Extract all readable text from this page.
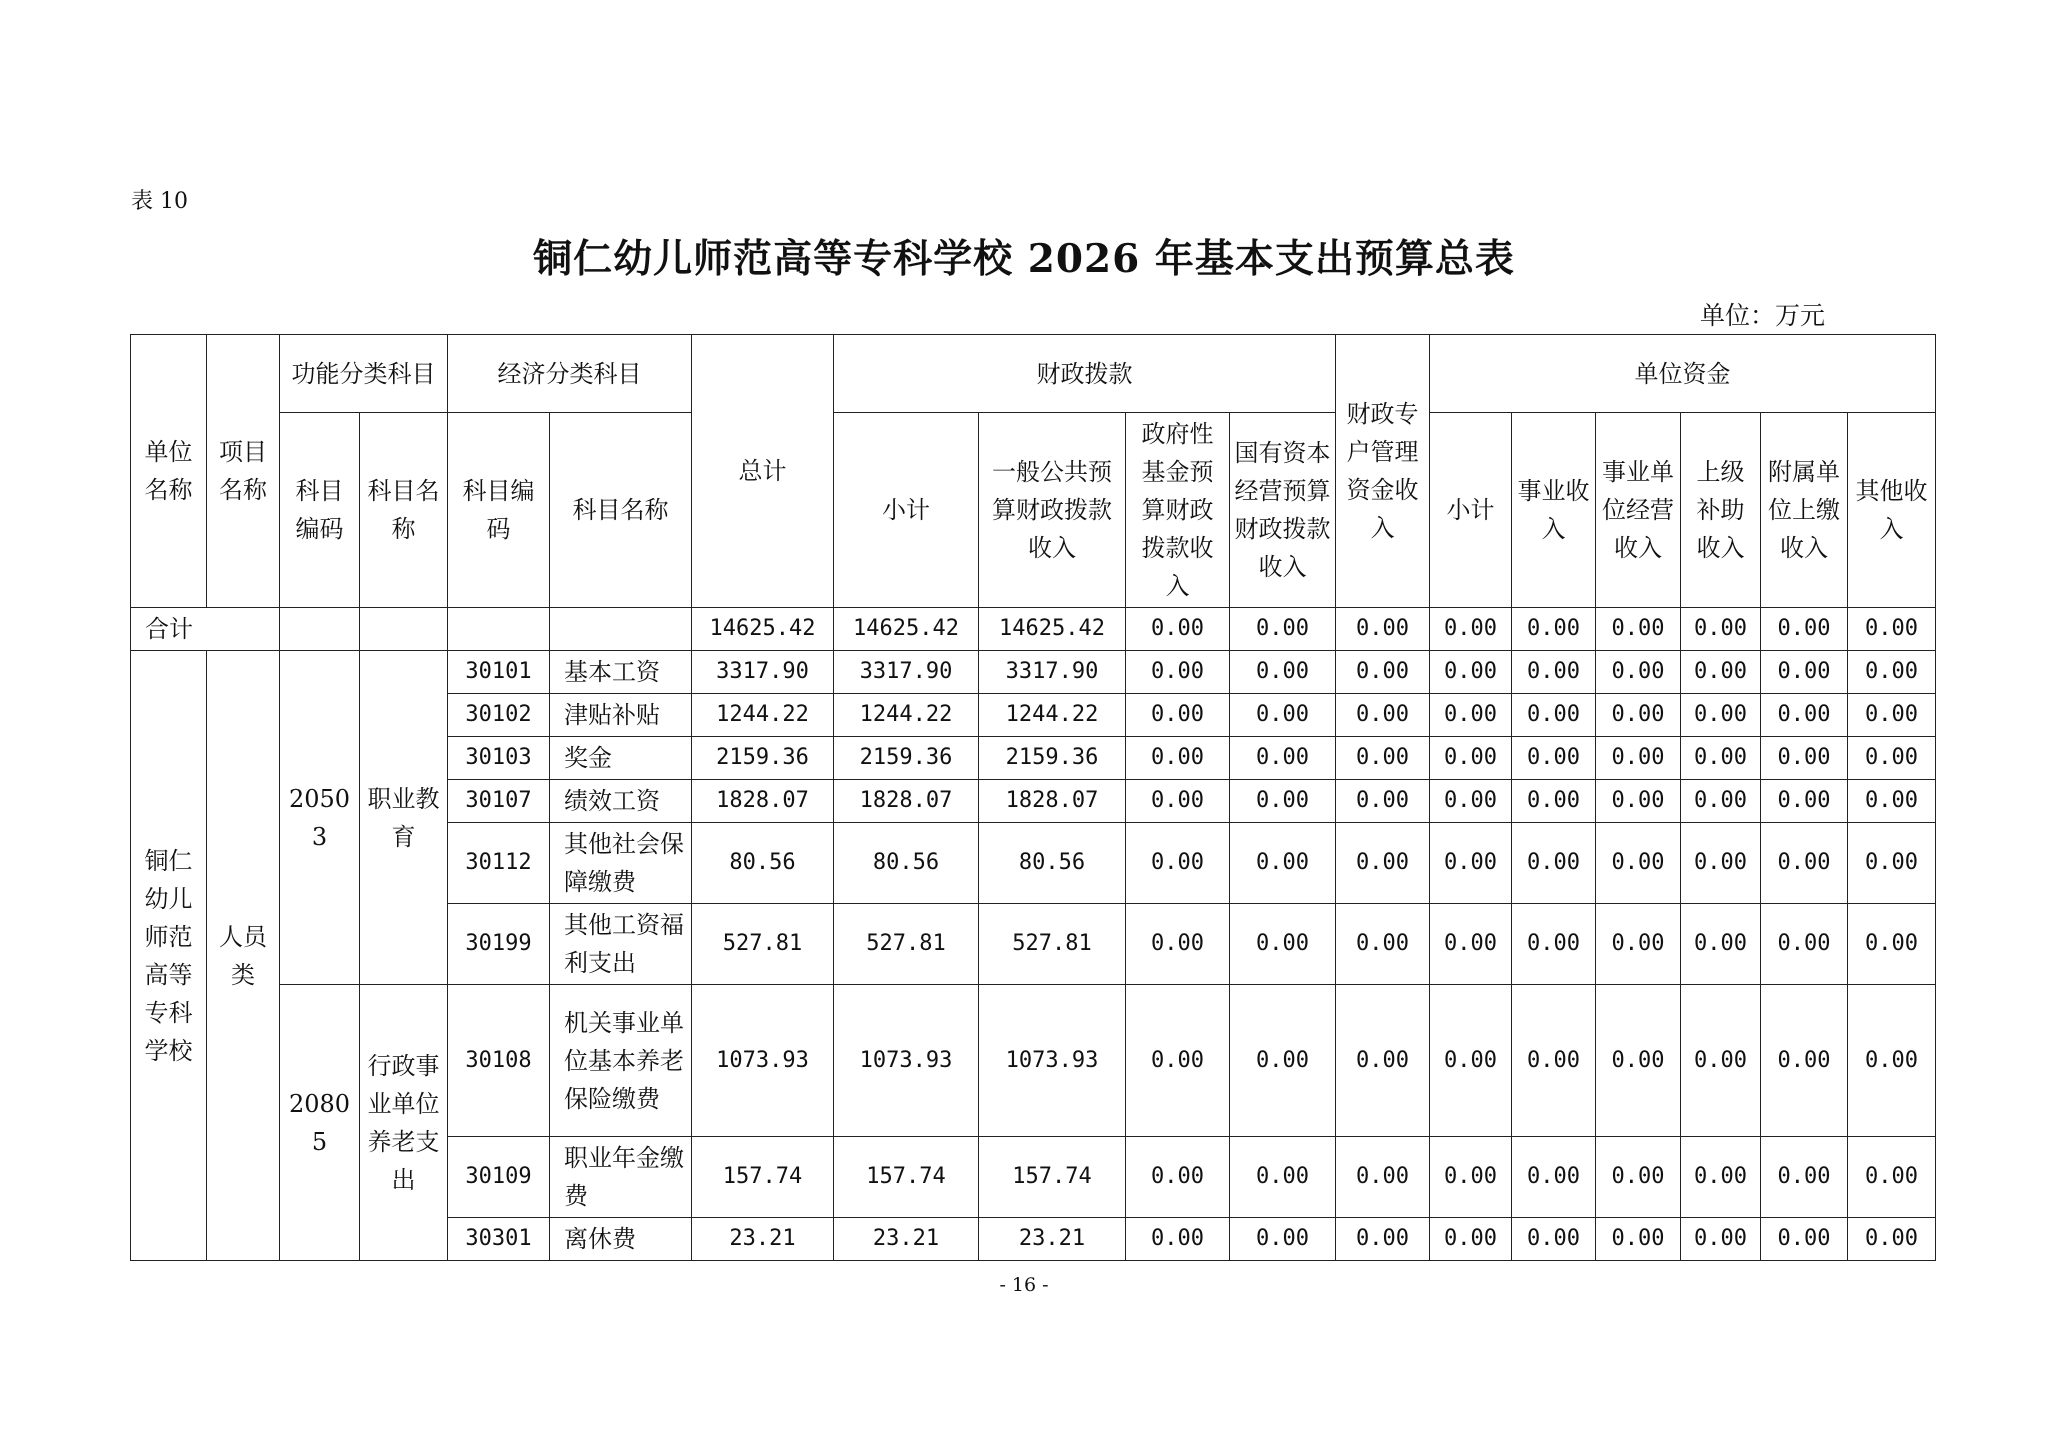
表 10
铜仁幼儿师范高等专科学校 2026 年基本支出预算总表
单位：万元
单位名称	项目名称	功能分类科目		经济分类科目		总计	财政拨款				财政专户管理资金收入	单位资金					
		科目编码	科目名称	科目编码	科目名称		小计	一般公共预算财政拨款收入	政府性基金预算财政拨款收入	国有资本经营预算财政拨款收入		小计	事业收入	事业单位经营收入	上级补助收入	附属单位上缴收入	其他收入
合计						14625.42	14625.42	14625.42	0.00	0.00	0.00	0.00	0.00	0.00	0.00	0.00	0.00
铜仁幼儿师范高等专科学校	人员类	20503	职业教育	30101	基本工资	3317.90	3317.90	3317.90	0.00	0.00	0.00	0.00	0.00	0.00	0.00	0.00	0.00
				30102	津贴补贴	1244.22	1244.22	1244.22	0.00	0.00	0.00	0.00	0.00	0.00	0.00	0.00	0.00
				30103	奖金	2159.36	2159.36	2159.36	0.00	0.00	0.00	0.00	0.00	0.00	0.00	0.00	0.00
				30107	绩效工资	1828.07	1828.07	1828.07	0.00	0.00	0.00	0.00	0.00	0.00	0.00	0.00	0.00
				30112	其他社会保障缴费	80.56	80.56	80.56	0.00	0.00	0.00	0.00	0.00	0.00	0.00	0.00	0.00
				30199	其他工资福利支出	527.81	527.81	527.81	0.00	0.00	0.00	0.00	0.00	0.00	0.00	0.00	0.00
		20805	行政事业单位养老支出	30108	机关事业单位基本养老保险缴费	1073.93	1073.93	1073.93	0.00	0.00	0.00	0.00	0.00	0.00	0.00	0.00	0.00
				30109	职业年金缴费	157.74	157.74	157.74	0.00	0.00	0.00	0.00	0.00	0.00	0.00	0.00	0.00
				30301	离休费	23.21	23.21	23.21	0.00	0.00	0.00	0.00	0.00	0.00	0.00	0.00	0.00
- 16 -
